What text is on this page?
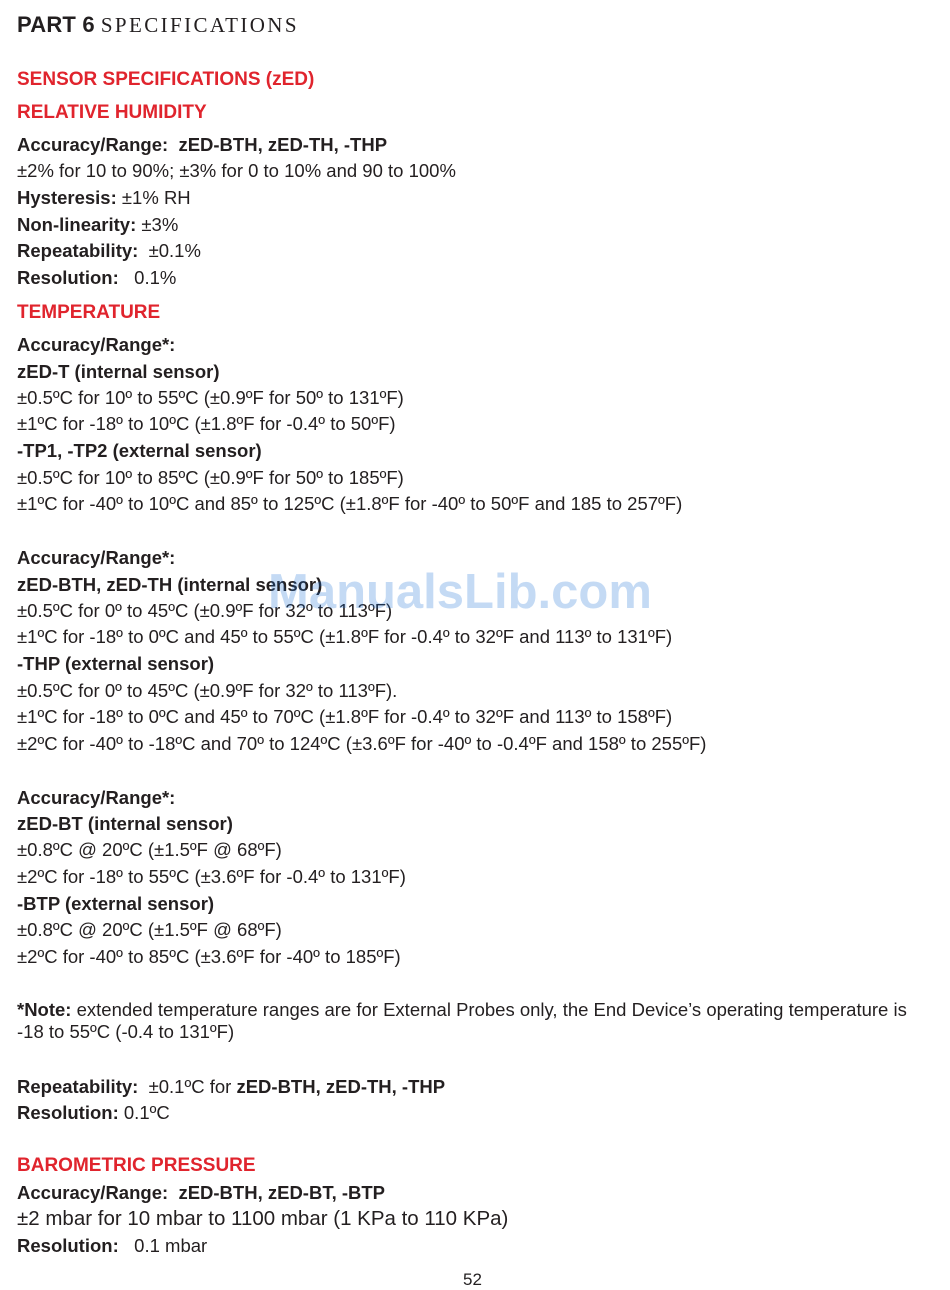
PART 6 SPECIFICATIONS
SENSOR SPECIFICATIONS (zED)
RELATIVE HUMIDITY
Accuracy/Range: zED-BTH, zED-TH, -THP
±2% for 10 to 90%; ±3% for 0 to 10% and 90 to 100%
Hysteresis: ±1% RH
Non-linearity: ±3%
Repeatability: ±0.1%
Resolution: 0.1%
TEMPERATURE
Accuracy/Range*:
zED-T (internal sensor)
±0.5ºC for 10º to 55ºC (±0.9ºF for 50º to 131ºF)
±1ºC for -18º to 10ºC (±1.8ºF for -0.4º to 50ºF)
-TP1, -TP2 (external sensor)
±0.5ºC for 10º to 85ºC (±0.9ºF for 50º to 185ºF)
±1ºC for -40º to 10ºC and 85º to 125ºC (±1.8ºF for -40º to 50ºF and 185 to 257ºF)
Accuracy/Range*:
zED-BTH, zED-TH (internal sensor)
±0.5ºC for 0º to 45ºC (±0.9ºF for 32º to 113ºF)
±1ºC for -18º to 0ºC and 45º to 55ºC (±1.8ºF for -0.4º to 32ºF and 113º to 131ºF)
-THP (external sensor)
±0.5ºC for 0º to 45ºC (±0.9ºF for 32º to 113ºF).
±1ºC for -18º to 0ºC and 45º to 70ºC (±1.8ºF for -0.4º to 32ºF and 113º to 158ºF)
±2ºC for -40º to -18ºC and 70º to 124ºC (±3.6ºF for -40º to -0.4ºF and 158º to 255ºF)
Accuracy/Range*:
zED-BT (internal sensor)
±0.8ºC @ 20ºC (±1.5ºF @ 68ºF)
±2ºC for -18º to 55ºC (±3.6ºF for -0.4º to 131ºF)
-BTP (external sensor)
±0.8ºC @ 20ºC (±1.5ºF @ 68ºF)
±2ºC for -40º to 85ºC (±3.6ºF for -40º to 185ºF)
*Note: extended temperature ranges are for External Probes only, the End Device’s operating temperature is -18 to 55ºC (-0.4 to 131ºF)
Repeatability: ±0.1ºC for zED-BTH, zED-TH, -THP
Resolution: 0.1ºC
BAROMETRIC PRESSURE
Accuracy/Range: zED-BTH, zED-BT, -BTP
±2 mbar for 10 mbar to 1100 mbar (1 KPa to 110 KPa)
Resolution: 0.1 mbar
ManualsLib.com
52
